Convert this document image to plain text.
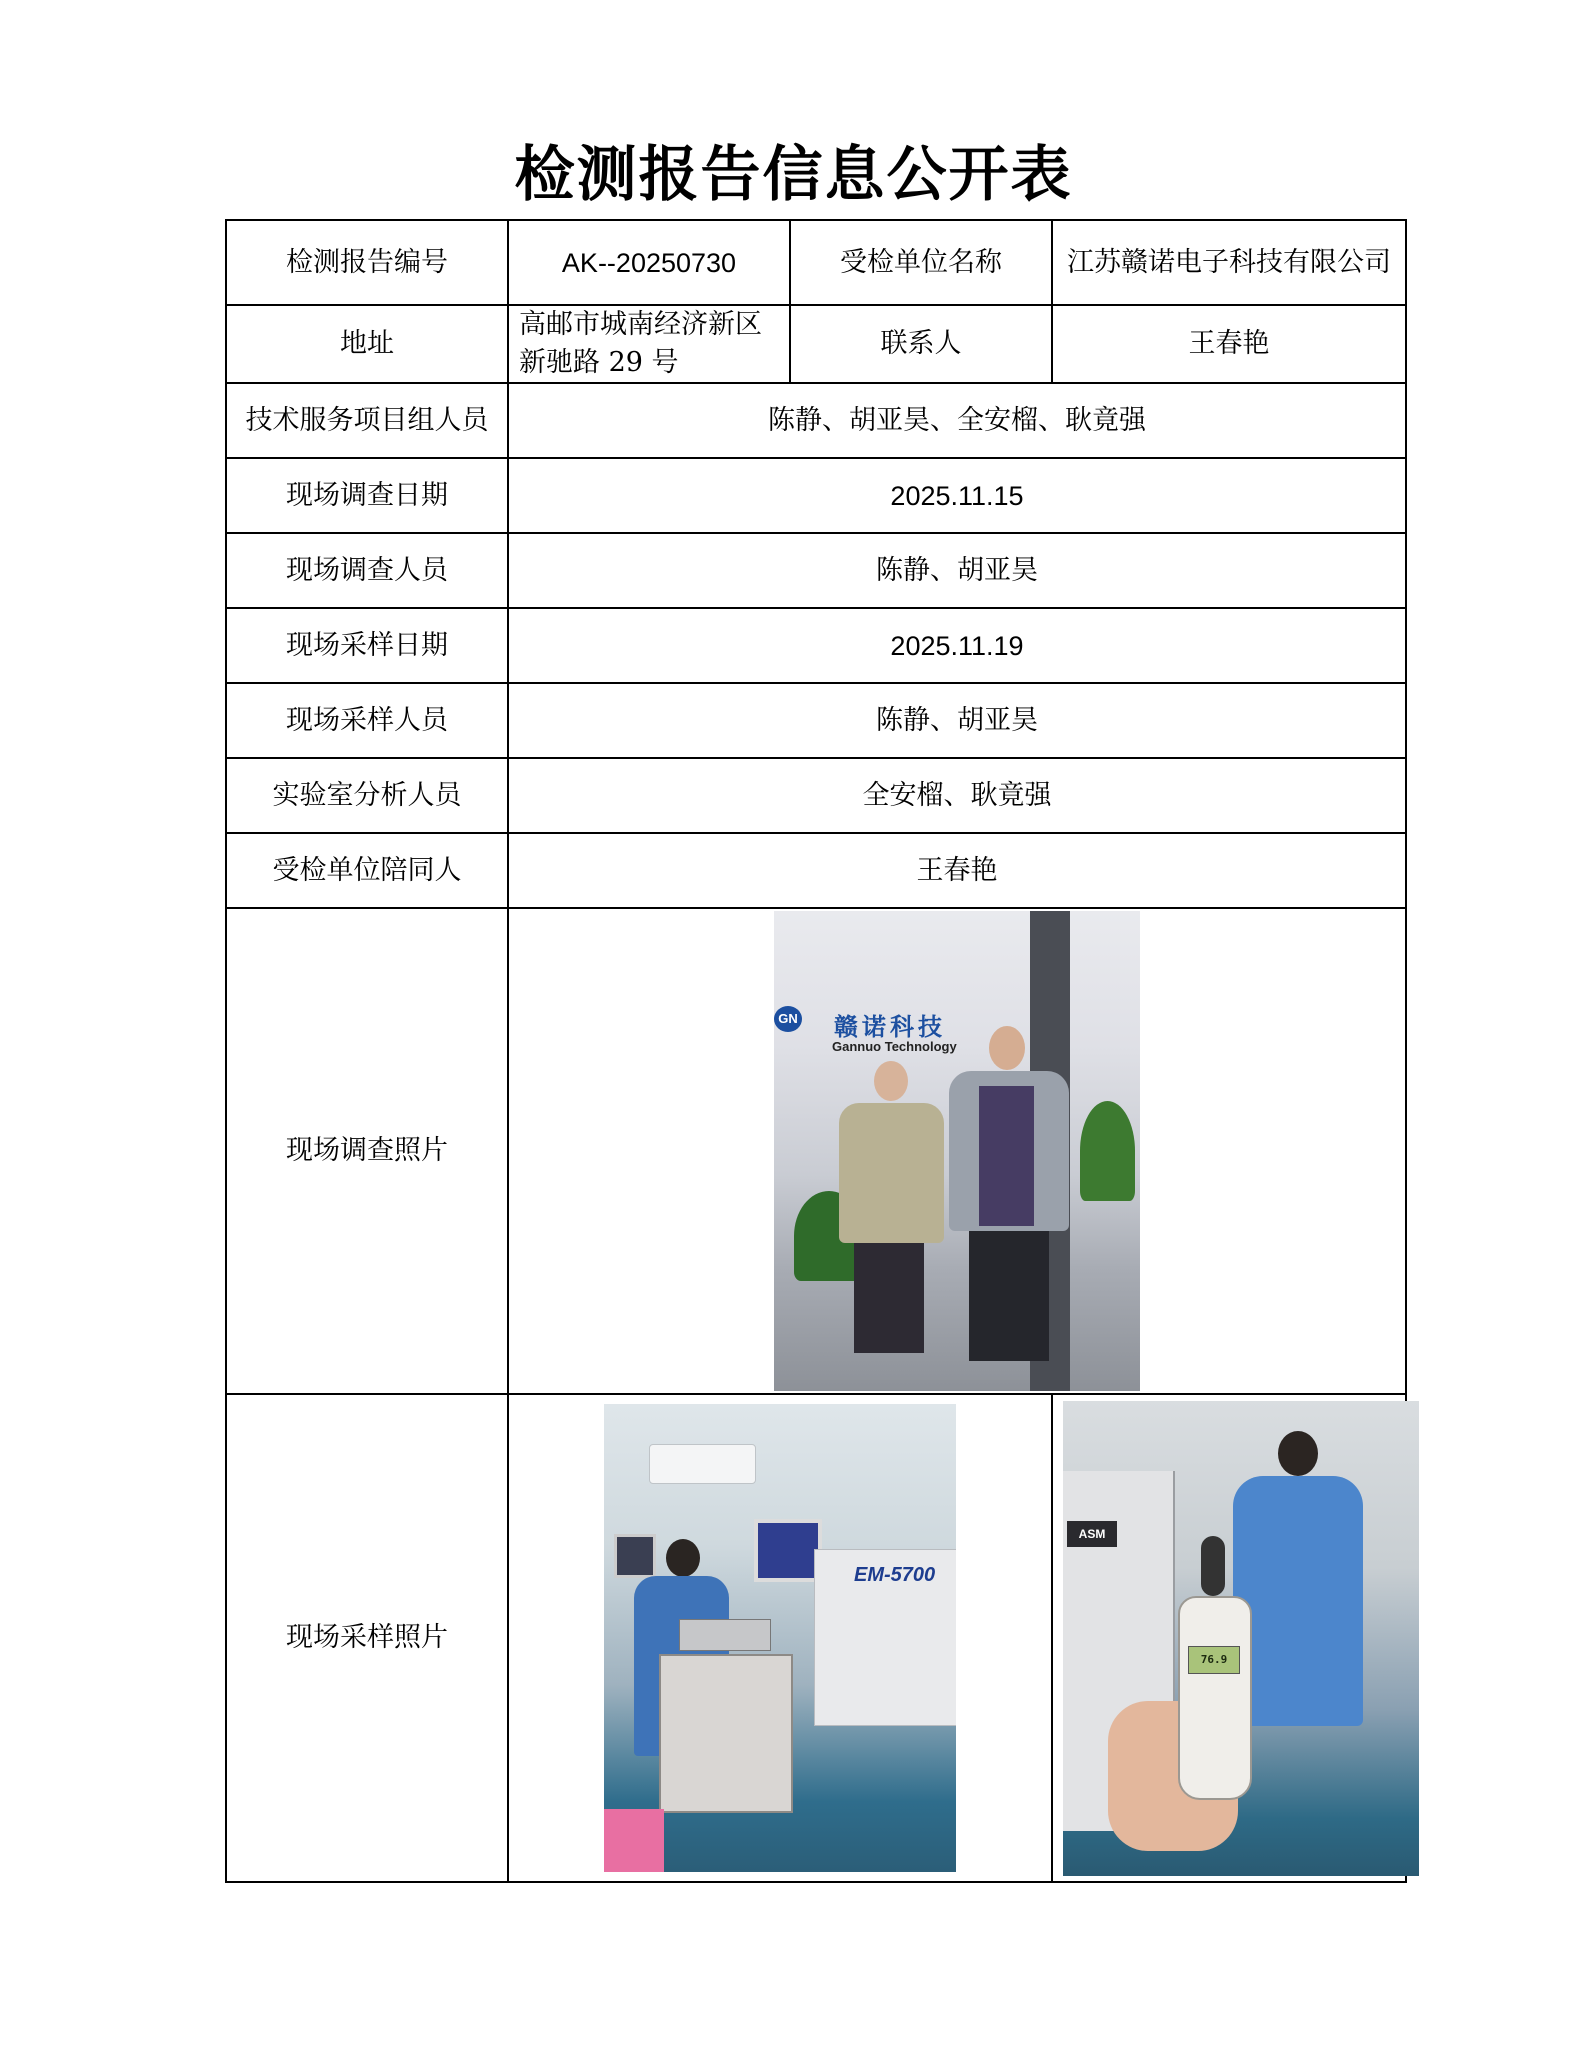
检测报告信息公开表
检测报告编号	AK--20250730	受检单位名称	江苏赣诺电子科技有限公司
地址	高邮市城南经济新区新驰路 29 号	联系人	王春艳
技术服务项目组人员	陈静、胡亚昊、全安榴、耿竟强		
现场调查日期	2025.11.15		
现场调查人员	陈静、胡亚昊		
现场采样日期	2025.11.19		
现场采样人员	陈静、胡亚昊		
实验室分析人员	全安榴、耿竟强		
受检单位陪同人	王春艳		
现场调查照片	GN 赣诺科技
Gannuo Technology		

现场采样照片	EM-5700		ASM
76.9
